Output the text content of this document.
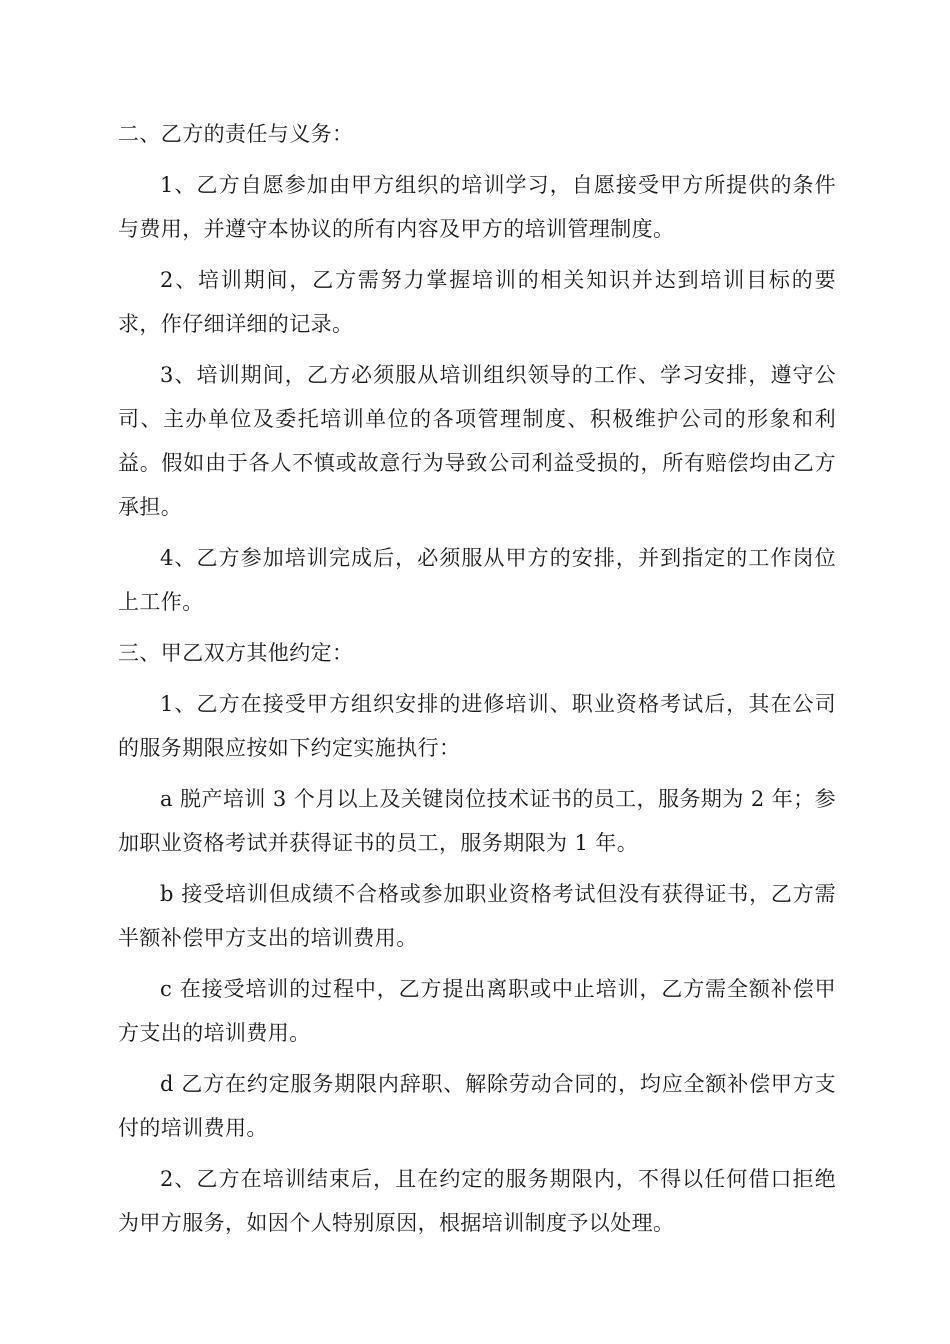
二、乙方的责任与义务：

1、乙方自愿参加由甲方组织的培训学习，自愿接受甲方所提供的条件与费用，并遵守本协议的所有内容及甲方的培训管理制度。

2、培训期间，乙方需努力掌握培训的相关知识并达到培训目标的要求，作仔细详细的记录。

3、培训期间，乙方必须服从培训组织领导的工作、学习安排，遵守公司、主办单位及委托培训单位的各项管理制度、积极维护公司的形象和利益。假如由于各人不慎或故意行为导致公司利益受损的，所有赔偿均由乙方承担。

4、乙方参加培训完成后，必须服从甲方的安排，并到指定的工作岗位上工作。

三、甲乙双方其他约定：

1、乙方在接受甲方组织安排的进修培训、职业资格考试后，其在公司的服务期限应按如下约定实施执行：

a 脱产培训 3 个月以上及关键岗位技术证书的员工，服务期为 2 年；参加职业资格考试并获得证书的员工，服务期限为 1 年。

b 接受培训但成绩不合格或参加职业资格考试但没有获得证书，乙方需半额补偿甲方支出的培训费用。

c 在接受培训的过程中，乙方提出离职或中止培训，乙方需全额补偿甲方支出的培训费用。

d 乙方在约定服务期限内辞职、解除劳动合同的，均应全额补偿甲方支付的培训费用。

2、乙方在培训结束后，且在约定的服务期限内，不得以任何借口拒绝为甲方服务，如因个人特别原因，根据培训制度予以处理。
